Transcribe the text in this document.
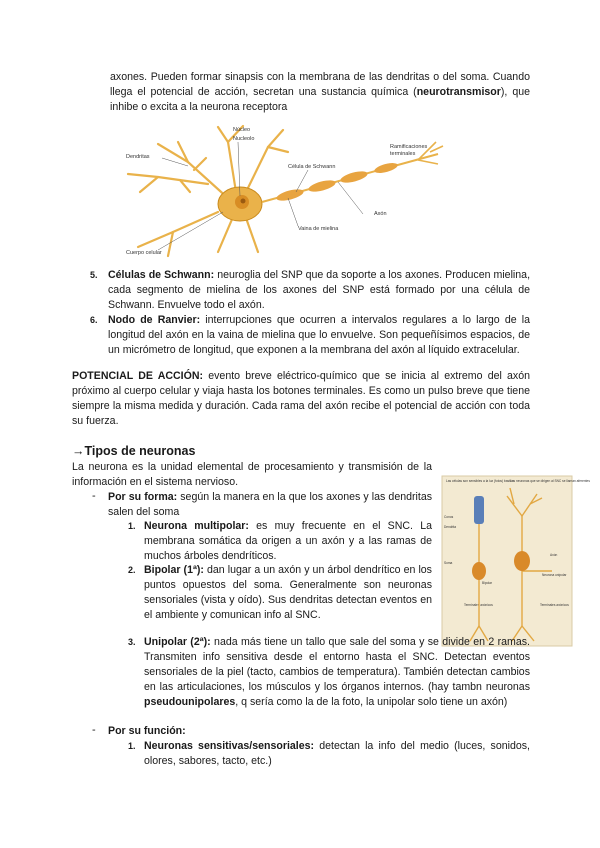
axones. Pueden formar sinapsis con la membrana de las dendritas o del soma. Cuando llega el potencial de acción, secretan una sustancia química (neurotransmisor), que inhibe o excita a la neurona receptora
Núcleo
Nucleolo
Dendritas
Célula de Schwann
Ramificaciones
terminales
Axón
Vaina de mielina
Cuerpo celular
5. Células de Schwann: neuroglia del SNP que da soporte a los axones. Producen mielina, cada segmento de mielina de los axones del SNP está formado por una célula de Schwann. Envuelve todo el axón.
6. Nodo de Ranvier: interrupciones que ocurren a intervalos regulares a lo largo de la longitud del axón en la vaina de mielina que lo envuelve. Son pequeñísimos espacios, de un micrómetro de longitud, que exponen a la membrana del axón al líquido extracelular.
POTENCIAL DE ACCIÓN: evento breve eléctrico-químico que se inicia al extremo del axón próximo al cuerpo celular y viaja hasta los botones terminales. Es como un pulso breve que tiene siempre la misma medida y duración. Cada rama del axón recibe el potencial de acción con toda su fuerza.
→Tipos de neuronas
La neurona es la unidad elemental de procesamiento y transmisión de la información en el sistema nervioso.	Las células son sensibles a la luz (fotos) bastón
Los neuronas que se dirigen al SNC se llaman aferentes
Conos
Dendrita
Soma
Axón
Bipolar
Neurona unipolar
Terminales axónicos	Terminales axónicos
- Por su forma: según la manera en la que los axones y las dendritas salen del soma
1. Neurona multipolar: es muy frecuente en el SNC. La membrana somática da origen a un axón y a las ramas de muchos árboles dendríticos.
2. Bipolar (1ª): dan lugar a un axón y un árbol dendrítico en los puntos opuestos del soma. Generalmente son neuronas sensoriales (vista y oído). Sus dendritas detectan eventos en el ambiente y comunican info al SNC.
3. Unipolar (2ª): nada más tiene un tallo que sale del soma y se divide en 2 ramas. Transmiten info sensitiva desde el entorno hasta el SNC. Detectan eventos sensoriales de la piel (tacto, cambios de temperatura). También detectan cambios en las articulaciones, los músculos y los órganos internos. (hay tambn neuronas pseudounipolares, q sería como la de la foto, la unipolar solo tiene un axón)
- Por su función:
1. Neuronas sensitivas/sensoriales: detectan la info del medio (luces, sonidos, olores, sabores, tacto, etc.)
